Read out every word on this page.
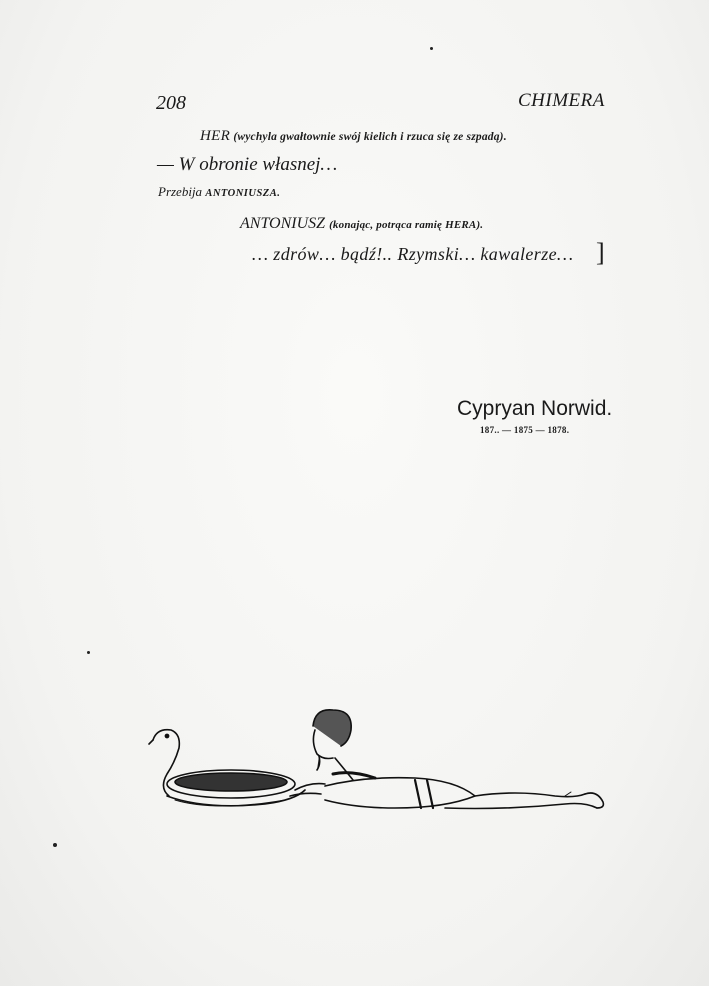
208	CHIMERA
HER (wychyla gwałtownie swój kielich i rzuca się ze szpadą).
— W obronie własnej…
Przebija ANTONIUSZA.
ANTONIUSZ (konając, potrąca ramię HERA).
… zdrów… bądź!.. Rzymski… kawalerze… ]
Cypryan Norwid.
187.. — 1875 — 1878.
